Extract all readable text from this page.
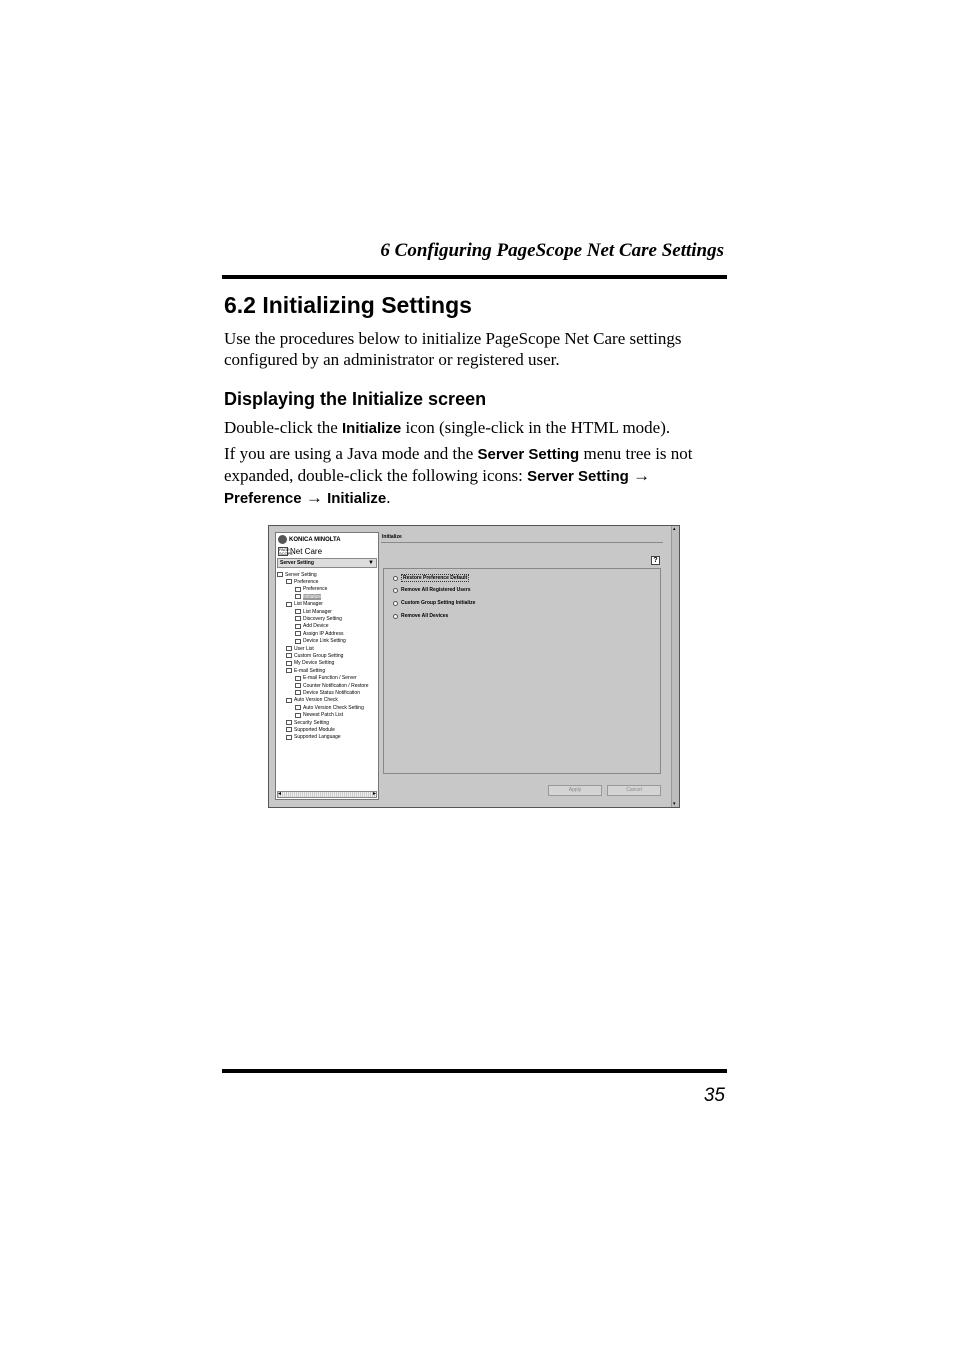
6 Configuring PageScope Net Care Settings
6.2 Initializing Settings

Use the procedures below to initialize PageScope Net Care settings configured by an administrator or registered user.

Displaying the Initialize screen

Double-click the Initialize icon (single-click in the HTML mode).

If you are using a Java mode and the Server Setting menu tree is not expanded, double-click the following icons: Server Setting → Preference → Initialize.

KONICA MINOLTA
PAGE SCOPE
Net Care
Server Setting	▼
Server Setting
Preference
Preference
Initialize
List Manager
List Manager
Discovery Setting
Add Device
Assign IP Address
Device Link Setting
User List
Custom Group Setting
My Device Setting
E-mail Setting
E-mail Function / Server
Counter Notification / Restore
Device Status Notification
Auto Version Check
Auto Version Check Setting
Newest Patch List
Security Setting
Supported Module
Supported Language
◂	▸
Initialize
?
Restore Preference Default
Remove All Registered Users
Custom Group Setting Initialize
Remove All Devices
Apply	Cancel
▴
▾
35
